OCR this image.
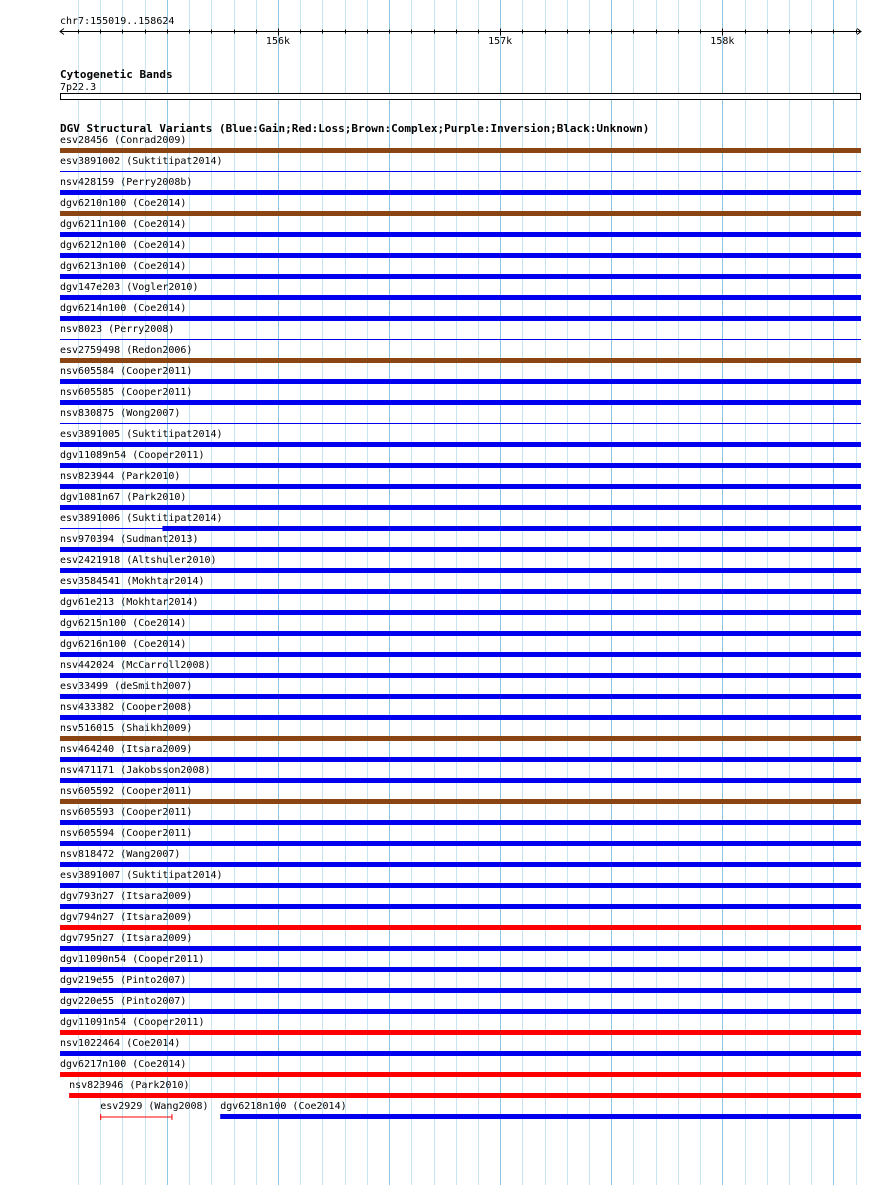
chr7:155019..158624
156k	157k	158k
Cytogenetic Bands
7p22.3
DGV Structural Variants (Blue:Gain;Red:Loss;Brown:Complex;Purple:Inversion;Black:Unknown)
esv28456 (Conrad2009)
esv3891002 (Suktitipat2014)
nsv428159 (Perry2008b)
dgv6210n100 (Coe2014)
dgv6211n100 (Coe2014)
dgv6212n100 (Coe2014)
dgv6213n100 (Coe2014)
dgv147e203 (Vogler2010)
dgv6214n100 (Coe2014)
nsv8023 (Perry2008)
esv2759498 (Redon2006)
nsv605584 (Cooper2011)
nsv605585 (Cooper2011)
nsv830875 (Wong2007)
esv3891005 (Suktitipat2014)
dgv11089n54 (Cooper2011)
nsv823944 (Park2010)
dgv1081n67 (Park2010)
esv3891006 (Suktitipat2014)
nsv970394 (Sudmant2013)
esv2421918 (Altshuler2010)
esv3584541 (Mokhtar2014)
dgv61e213 (Mokhtar2014)
dgv6215n100 (Coe2014)
dgv6216n100 (Coe2014)
nsv442024 (McCarroll2008)
esv33499 (deSmith2007)
nsv433382 (Cooper2008)
nsv516015 (Shaikh2009)
nsv464240 (Itsara2009)
nsv471171 (Jakobsson2008)
nsv605592 (Cooper2011)
nsv605593 (Cooper2011)
nsv605594 (Cooper2011)
nsv818472 (Wang2007)
esv3891007 (Suktitipat2014)
dgv793n27 (Itsara2009)
dgv794n27 (Itsara2009)
dgv795n27 (Itsara2009)
dgv11090n54 (Cooper2011)
dgv219e55 (Pinto2007)
dgv220e55 (Pinto2007)
dgv11091n54 (Cooper2011)
nsv1022464 (Coe2014)
dgv6217n100 (Coe2014)
nsv823946 (Park2010)
esv2929 (Wang2008) dgv6218n100 (Coe2014)
